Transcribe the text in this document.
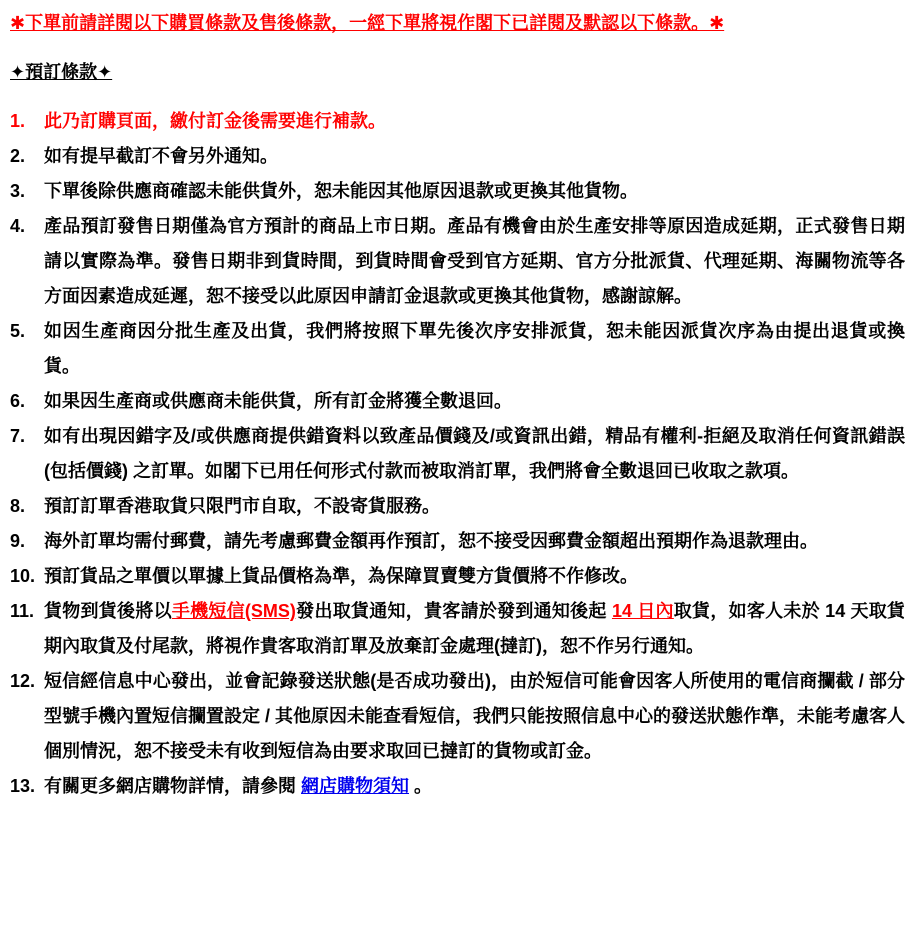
✱下單前請詳閱以下購買條款及售後條款，一經下單將視作閣下已詳閱及默認以下條款。✱
✦預訂條款✦
1.	此乃訂購頁面，繳付訂金後需要進行補款。
2.	如有提早截訂不會另外通知。
3.	下單後除供應商確認未能供貨外，恕未能因其他原因退款或更換其他貨物。
4.	產品預訂發售日期僅為官方預計的商品上市日期。產品有機會由於生產安排等原因造成延期，正式發售日期請以實際為準。發售日期非到貨時間，到貨時間會受到官方延期、官方分批派貨、代理延期、海關物流等各方面因素造成延遲，恕不接受以此原因申請訂金退款或更換其他貨物，感謝諒解。
5.	如因生產商因分批生產及出貨，我們將按照下單先後次序安排派貨，恕未能因派貨次序為由提出退貨或換貨。
6.	如果因生產商或供應商未能供貨，所有訂金將獲全數退回。
7.	如有出現因錯字及/或供應商提供錯資料以致產品價錢及/或資訊出錯，精品有權利-拒絕及取消任何資訊錯誤(包括價錢) 之訂單。如閣下已用任何形式付款而被取消訂單，我們將會全數退回已收取之款項。
8.	預訂訂單香港取貨只限門市自取，不設寄貨服務。
9.	海外訂單均需付郵費，請先考慮郵費金額再作預訂，恕不接受因郵費金額超出預期作為退款理由。
10. 預訂貨品之單價以單據上貨品價格為準，為保障買賣雙方貨價將不作修改。
11. 貨物到貨後將以手機短信(SMS)發出取貨通知，貴客請於發到通知後起 14 日內取貨，如客人未於 14 天取貨期內取貨及付尾款，將視作貴客取消訂單及放棄訂金處理(撻訂)，恕不作另行通知。
12. 短信經信息中心發出，並會記錄發送狀態(是否成功發出)，由於短信可能會因客人所使用的電信商攔截 / 部分型號手機內置短信攔置設定 / 其他原因未能查看短信，我們只能按照信息中心的發送狀態作準，未能考慮客人個別情況，恕不接受未有收到短信為由要求取回已撻訂的貨物或訂金。
13. 有關更多網店購物詳情，請參閱 網店購物須知 。
